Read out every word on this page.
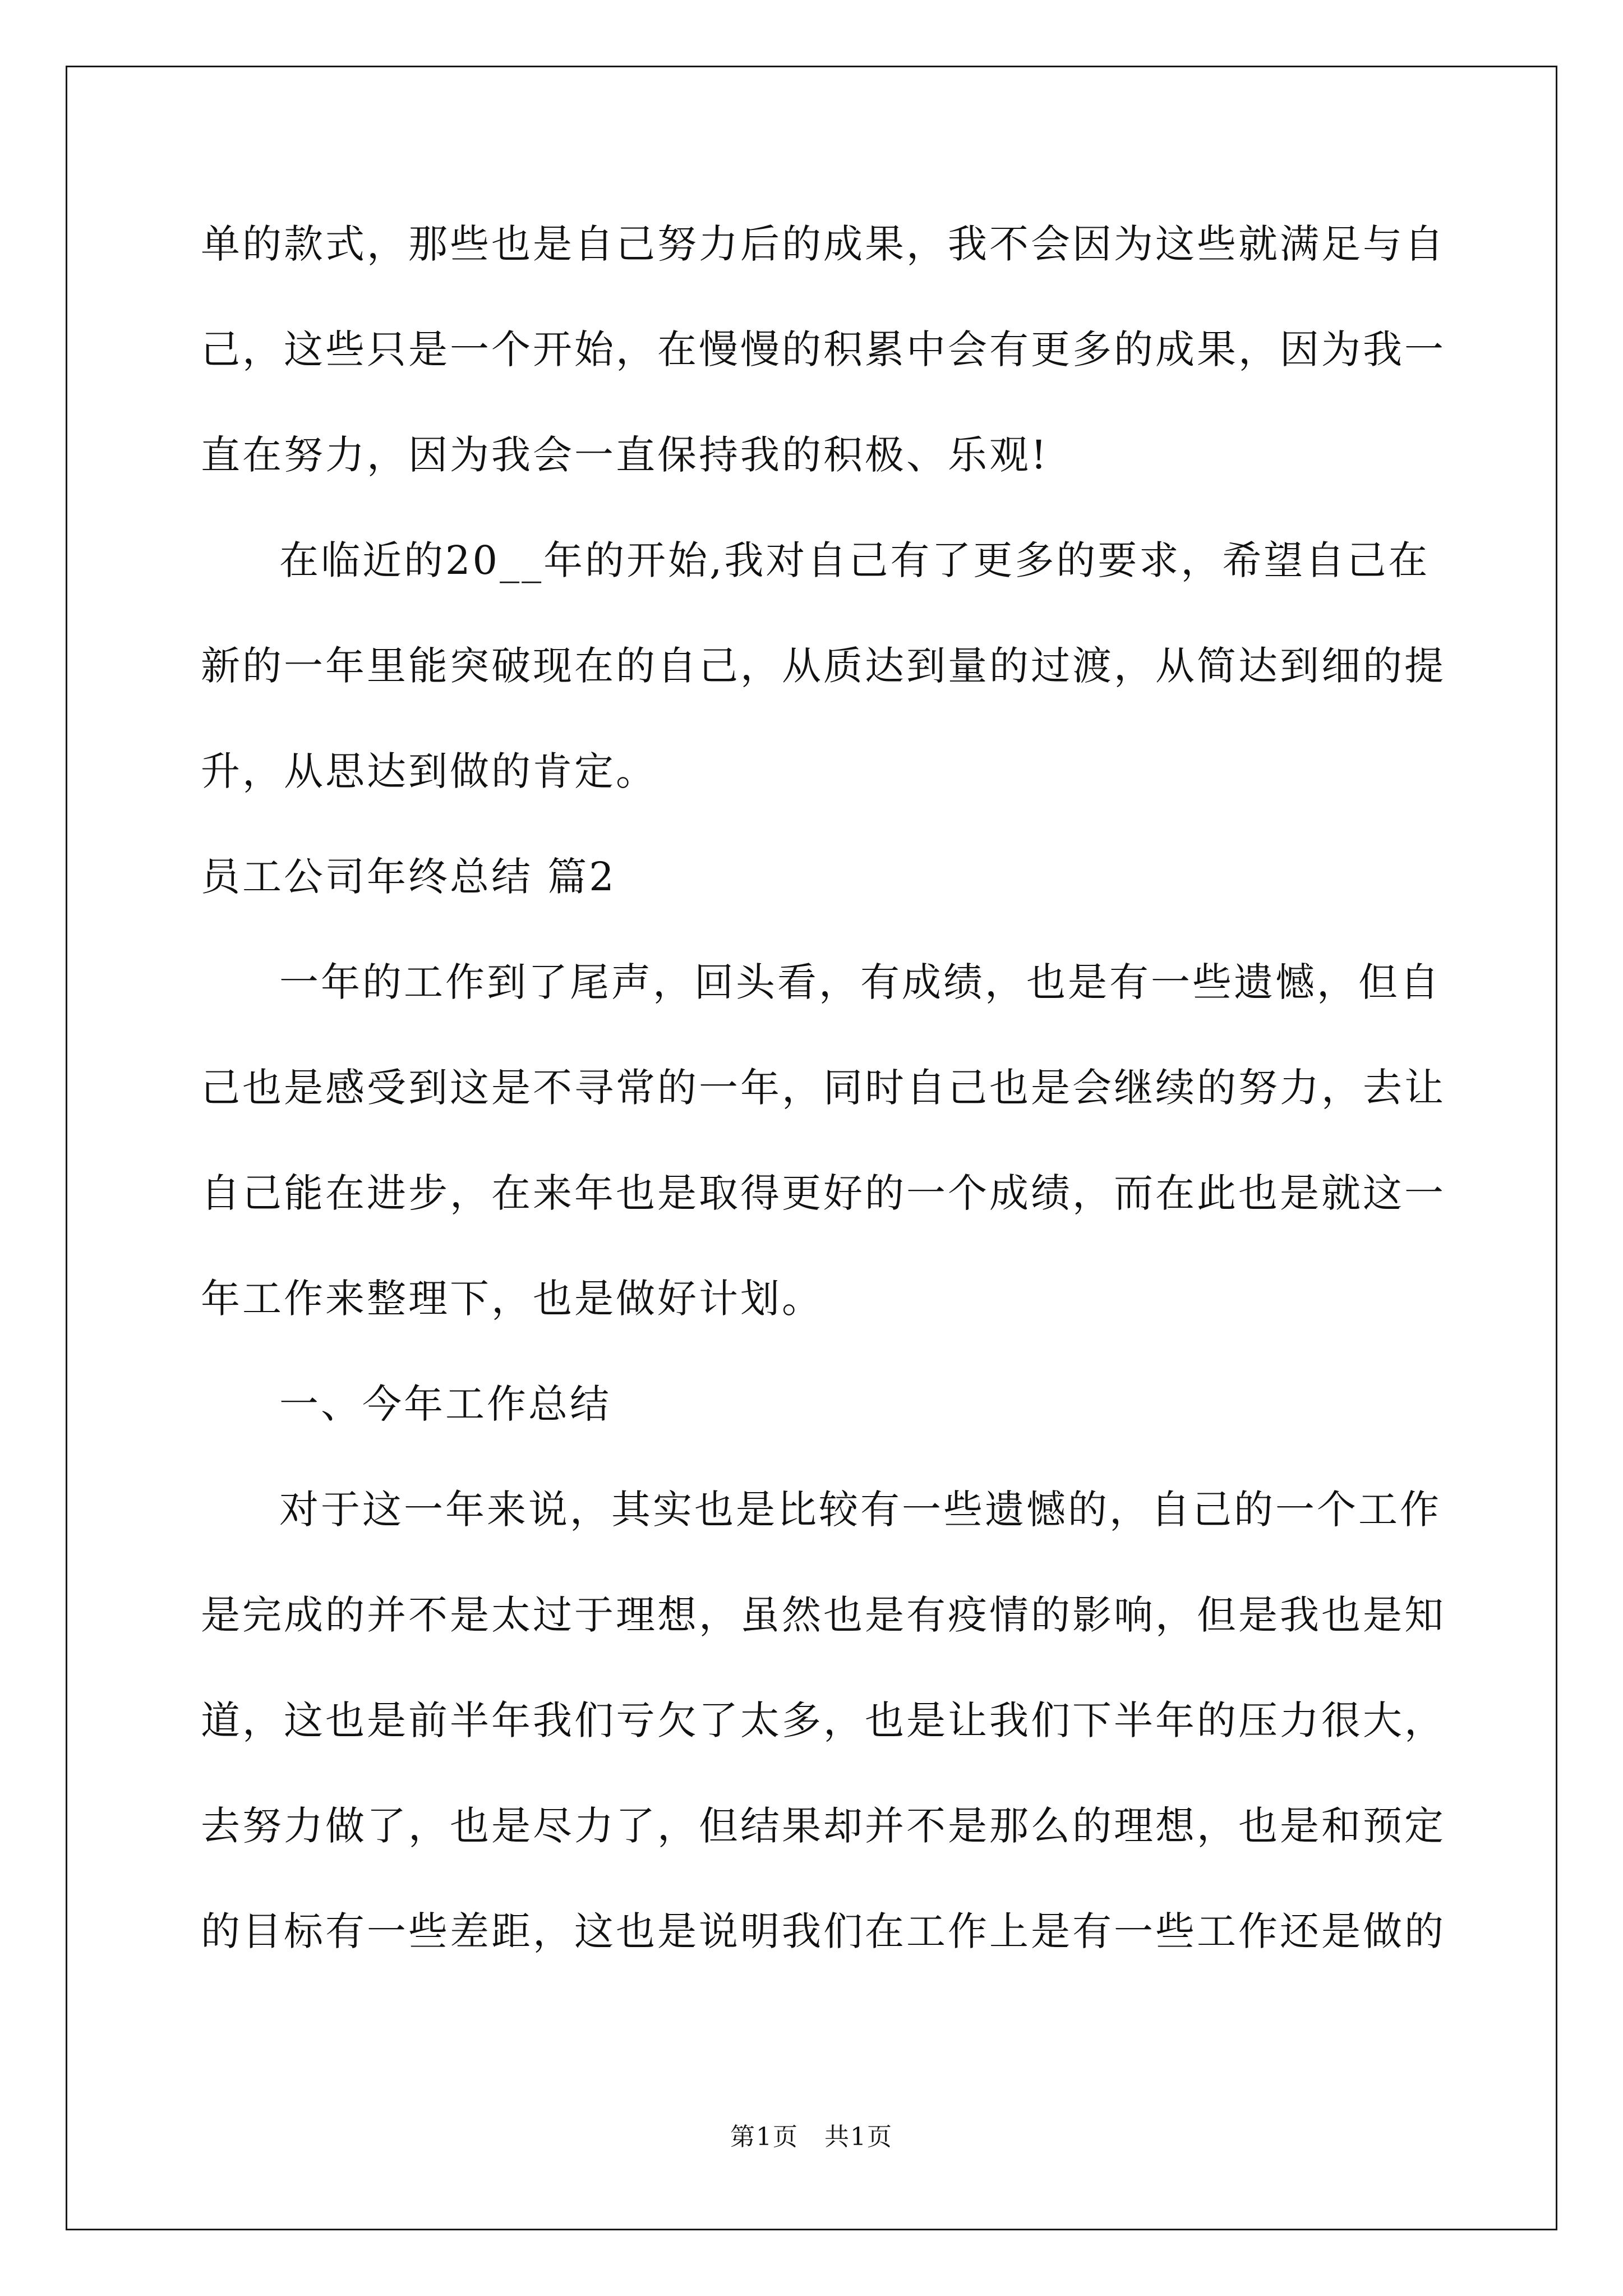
单的款式，那些也是自己努力后的成果，我不会因为这些就满足与自
己，这些只是一个开始，在慢慢的积累中会有更多的成果，因为我一
直在努力，因为我会一直保持我的积极、乐观!
在临近的20__年的开始,我对自己有了更多的要求，希望自己在
新的一年里能突破现在的自己，从质达到量的过渡，从简达到细的提
升，从思达到做的肯定。
员工公司年终总结 篇2
一年的工作到了尾声，回头看，有成绩，也是有一些遗憾，但自
己也是感受到这是不寻常的一年，同时自己也是会继续的努力，去让
自己能在进步，在来年也是取得更好的一个成绩，而在此也是就这一
年工作来整理下，也是做好计划。
一、今年工作总结
对于这一年来说，其实也是比较有一些遗憾的，自己的一个工作
是完成的并不是太过于理想，虽然也是有疫情的影响，但是我也是知
道，这也是前半年我们亏欠了太多，也是让我们下半年的压力很大，
去努力做了，也是尽力了，但结果却并不是那么的理想，也是和预定
的目标有一些差距，这也是说明我们在工作上是有一些工作还是做的
第1页　共1页
